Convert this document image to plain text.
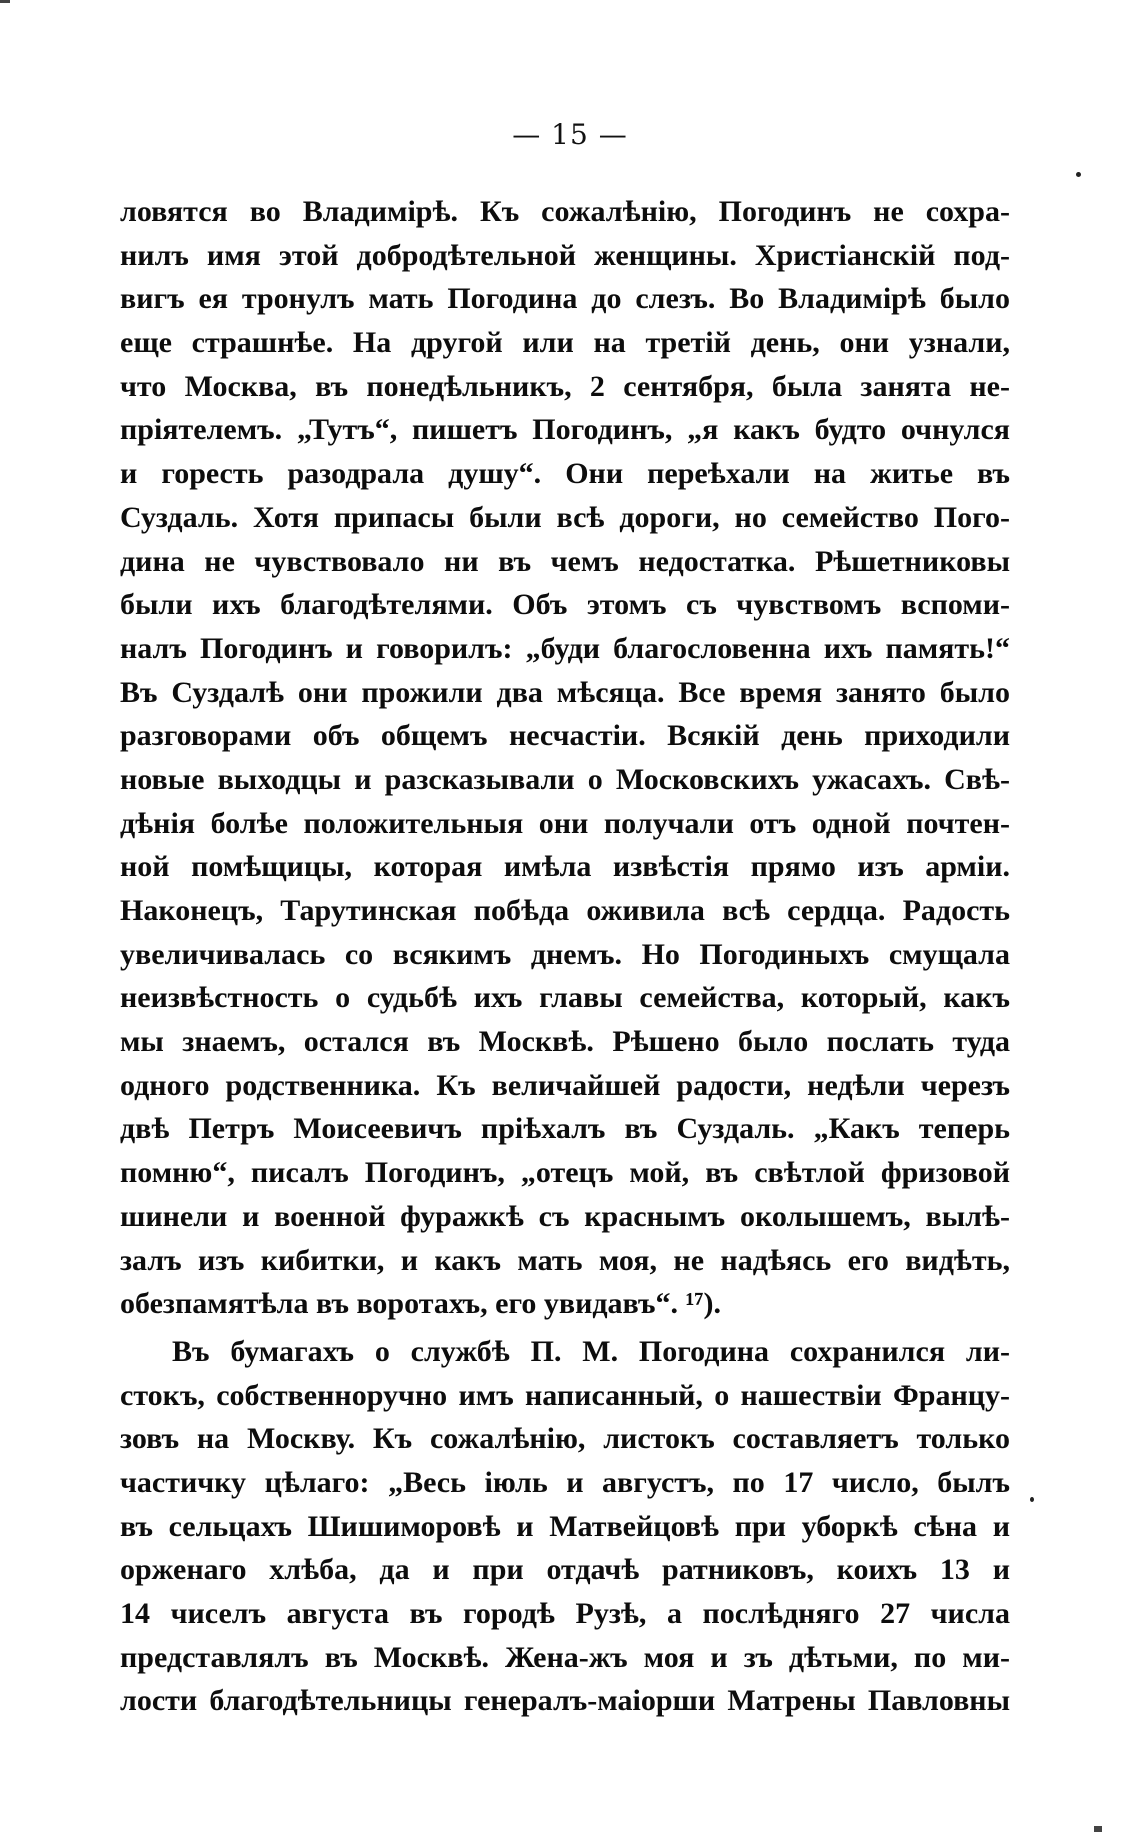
— 15 —
ловятся во Владимірѣ. Къ сожалѣнію, Погодинъ не сохра-
нилъ имя этой добродѣтельной женщины. Христіанскій под-
вигъ ея тронулъ мать Погодина до слезъ. Во Владимірѣ было
еще страшнѣе. На другой или на третій день, они узнали,
что Москва, въ понедѣльникъ, 2 сентября, была занята не-
пріятелемъ. „Тутъ“, пишетъ Погодинъ, „я какъ будто очнулся
и горесть разодрала душу“. Они переѣхали на житье въ
Суздаль. Хотя припасы были всѣ дороги, но семейство Пого-
дина не чувствовало ни въ чемъ недостатка. Рѣшетниковы
были ихъ благодѣтелями. Объ этомъ съ чувствомъ вспоми-
налъ Погодинъ и говорилъ: „буди благословенна ихъ память!“
Въ Суздалѣ они прожили два мѣсяца. Все время занято было
разговорами объ общемъ несчастіи. Всякій день приходили
новые выходцы и разсказывали о Московскихъ ужасахъ. Свѣ-
дѣнія болѣе положительныя они получали отъ одной почтен-
ной помѣщицы, которая имѣла извѣстія прямо изъ арміи.
Наконецъ, Тарутинская побѣда оживила всѣ сердца. Радость
увеличивалась со всякимъ днемъ. Но Погодиныхъ смущала
неизвѣстность о судьбѣ ихъ главы семейства, который, какъ
мы знаемъ, остался въ Москвѣ. Рѣшено было послать туда
одного родственника. Къ величайшей радости, недѣли черезъ
двѣ Петръ Моисеевичъ пріѣхалъ въ Суздаль. „Какъ теперь
помню“, писалъ Погодинъ, „отецъ мой, въ свѣтлой фризовой
шинели и военной фуражкѣ съ краснымъ околышемъ, вылѣ-
залъ изъ кибитки, и какъ мать моя, не надѣясь его видѣть,
обезпамятѣла въ воротахъ, его увидавъ“. ¹⁷).
Въ бумагахъ о службѣ П. М. Погодина сохранился ли-
стокъ, собственноручно имъ написанный, о нашествіи Францу-
зовъ на Москву. Къ сожалѣнію, листокъ составляетъ только
частичку цѣлаго: „Весь іюль и августъ, по 17 число, былъ
въ сельцахъ Шишиморовѣ и Матвейцовѣ при уборкѣ сѣна и
орженаго хлѣба, да и при отдачѣ ратниковъ, коихъ 13 и
14 чиселъ августа въ городѣ Рузѣ, а послѣдняго 27 числа
представлялъ въ Москвѣ. Жена-жъ моя и зъ дѣтьми, по ми-
лости благодѣтельницы генералъ-маіорши Матрены Павловны
